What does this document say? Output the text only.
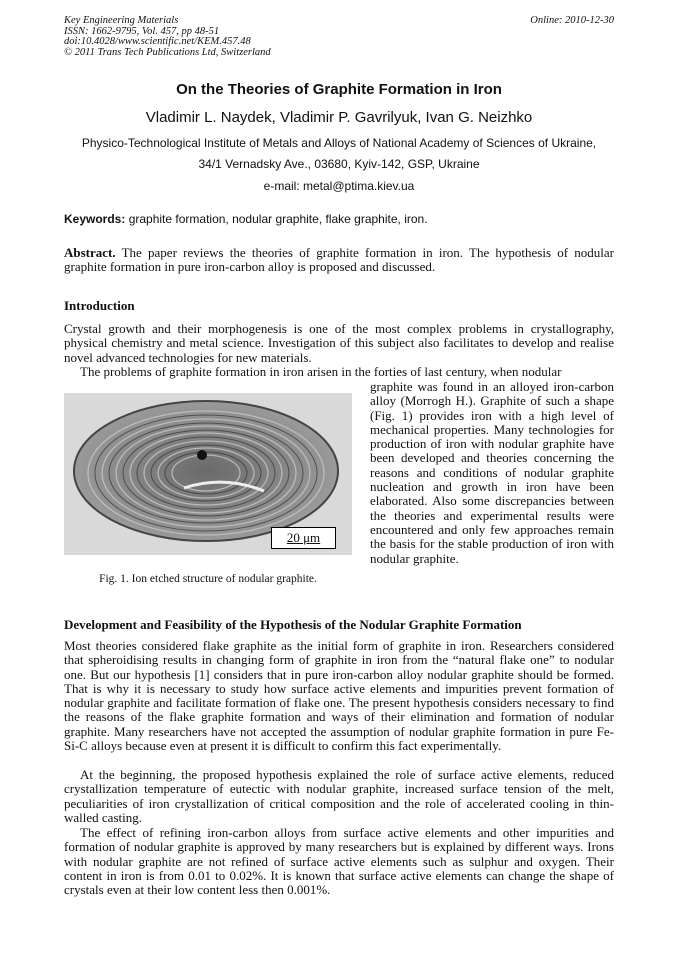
Key Engineering Materials
ISSN: 1662-9795, Vol. 457, pp 48-51
doi:10.4028/www.scientific.net/KEM.457.48
© 2011 Trans Tech Publications Ltd, Switzerland
Online: 2010-12-30
On the Theories of Graphite Formation in Iron
Vladimir L. Naydek, Vladimir P. Gavrilyuk, Ivan G. Neizhko
Physico-Technological Institute of Metals and Alloys of National Academy of Sciences of Ukraine,
34/1 Vernadsky Ave., 03680, Kyiv-142, GSP, Ukraine
e-mail: metal@ptima.kiev.ua
Keywords: graphite formation, nodular graphite, flake graphite, iron.
Abstract. The paper reviews the theories of graphite formation in iron. The hypothesis of nodular graphite formation in pure iron-carbon alloy is proposed and discussed.
Introduction
Crystal growth and their morphogenesis is one of the most complex problems in crystallography, physical chemistry and metal science. Investigation of this subject also facilitates to develop and realise novel advanced technologies for new materials.
The problems of graphite formation in iron arisen in the forties of last century, when nodular
graphite was found in an alloyed iron-carbon alloy (Morrogh H.). Graphite of such a shape (Fig. 1) provides iron with a high level of mechanical properties. Many technologies for production of iron with nodular graphite have been developed and theories concerning the reasons and conditions of nodular graphite nucleation and growth in iron have been elaborated. Also some discrepancies between the theories and experimental results were encountered and only few approaches remain the basis for the stable production of iron with nodular graphite.
20 μm
Fig. 1. Ion etched structure of nodular graphite.
Development and Feasibility of the Hypothesis of the Nodular Graphite Formation
Most theories considered flake graphite as the initial form of graphite in iron. Researchers considered that spheroidising results in changing form of graphite in iron from the “natural flake one” to nodular one. But our hypothesis [1] considers that in pure iron-carbon alloy nodular graphite should be formed. That is why it is necessary to study how surface active elements and impurities prevent formation of nodular graphite and facilitate formation of flake one. The present hypothesis considers necessary to find the reasons of the flake graphite formation and ways of their elimination and formation of nodular graphite. Many researchers have not accepted the assumption of nodular graphite formation in pure Fe-Si-C alloys because even at present it is difficult to confirm this fact experimentally.
At the beginning, the proposed hypothesis explained the role of surface active elements, reduced crystallization temperature of eutectic with nodular graphite, increased surface tension of the melt, peculiarities of iron crystallization of critical composition and the role of accelerated cooling in thin-walled casting.
The effect of refining iron-carbon alloys from surface active elements and other impurities and formation of nodular graphite is approved by many researchers but is explained by different ways. Irons with nodular graphite are not refined of surface active elements such as sulphur and oxygen. Their content in iron is from 0.01 to 0.02%. It is known that surface active elements can change the shape of crystals even at their low content less then 0.001%.
